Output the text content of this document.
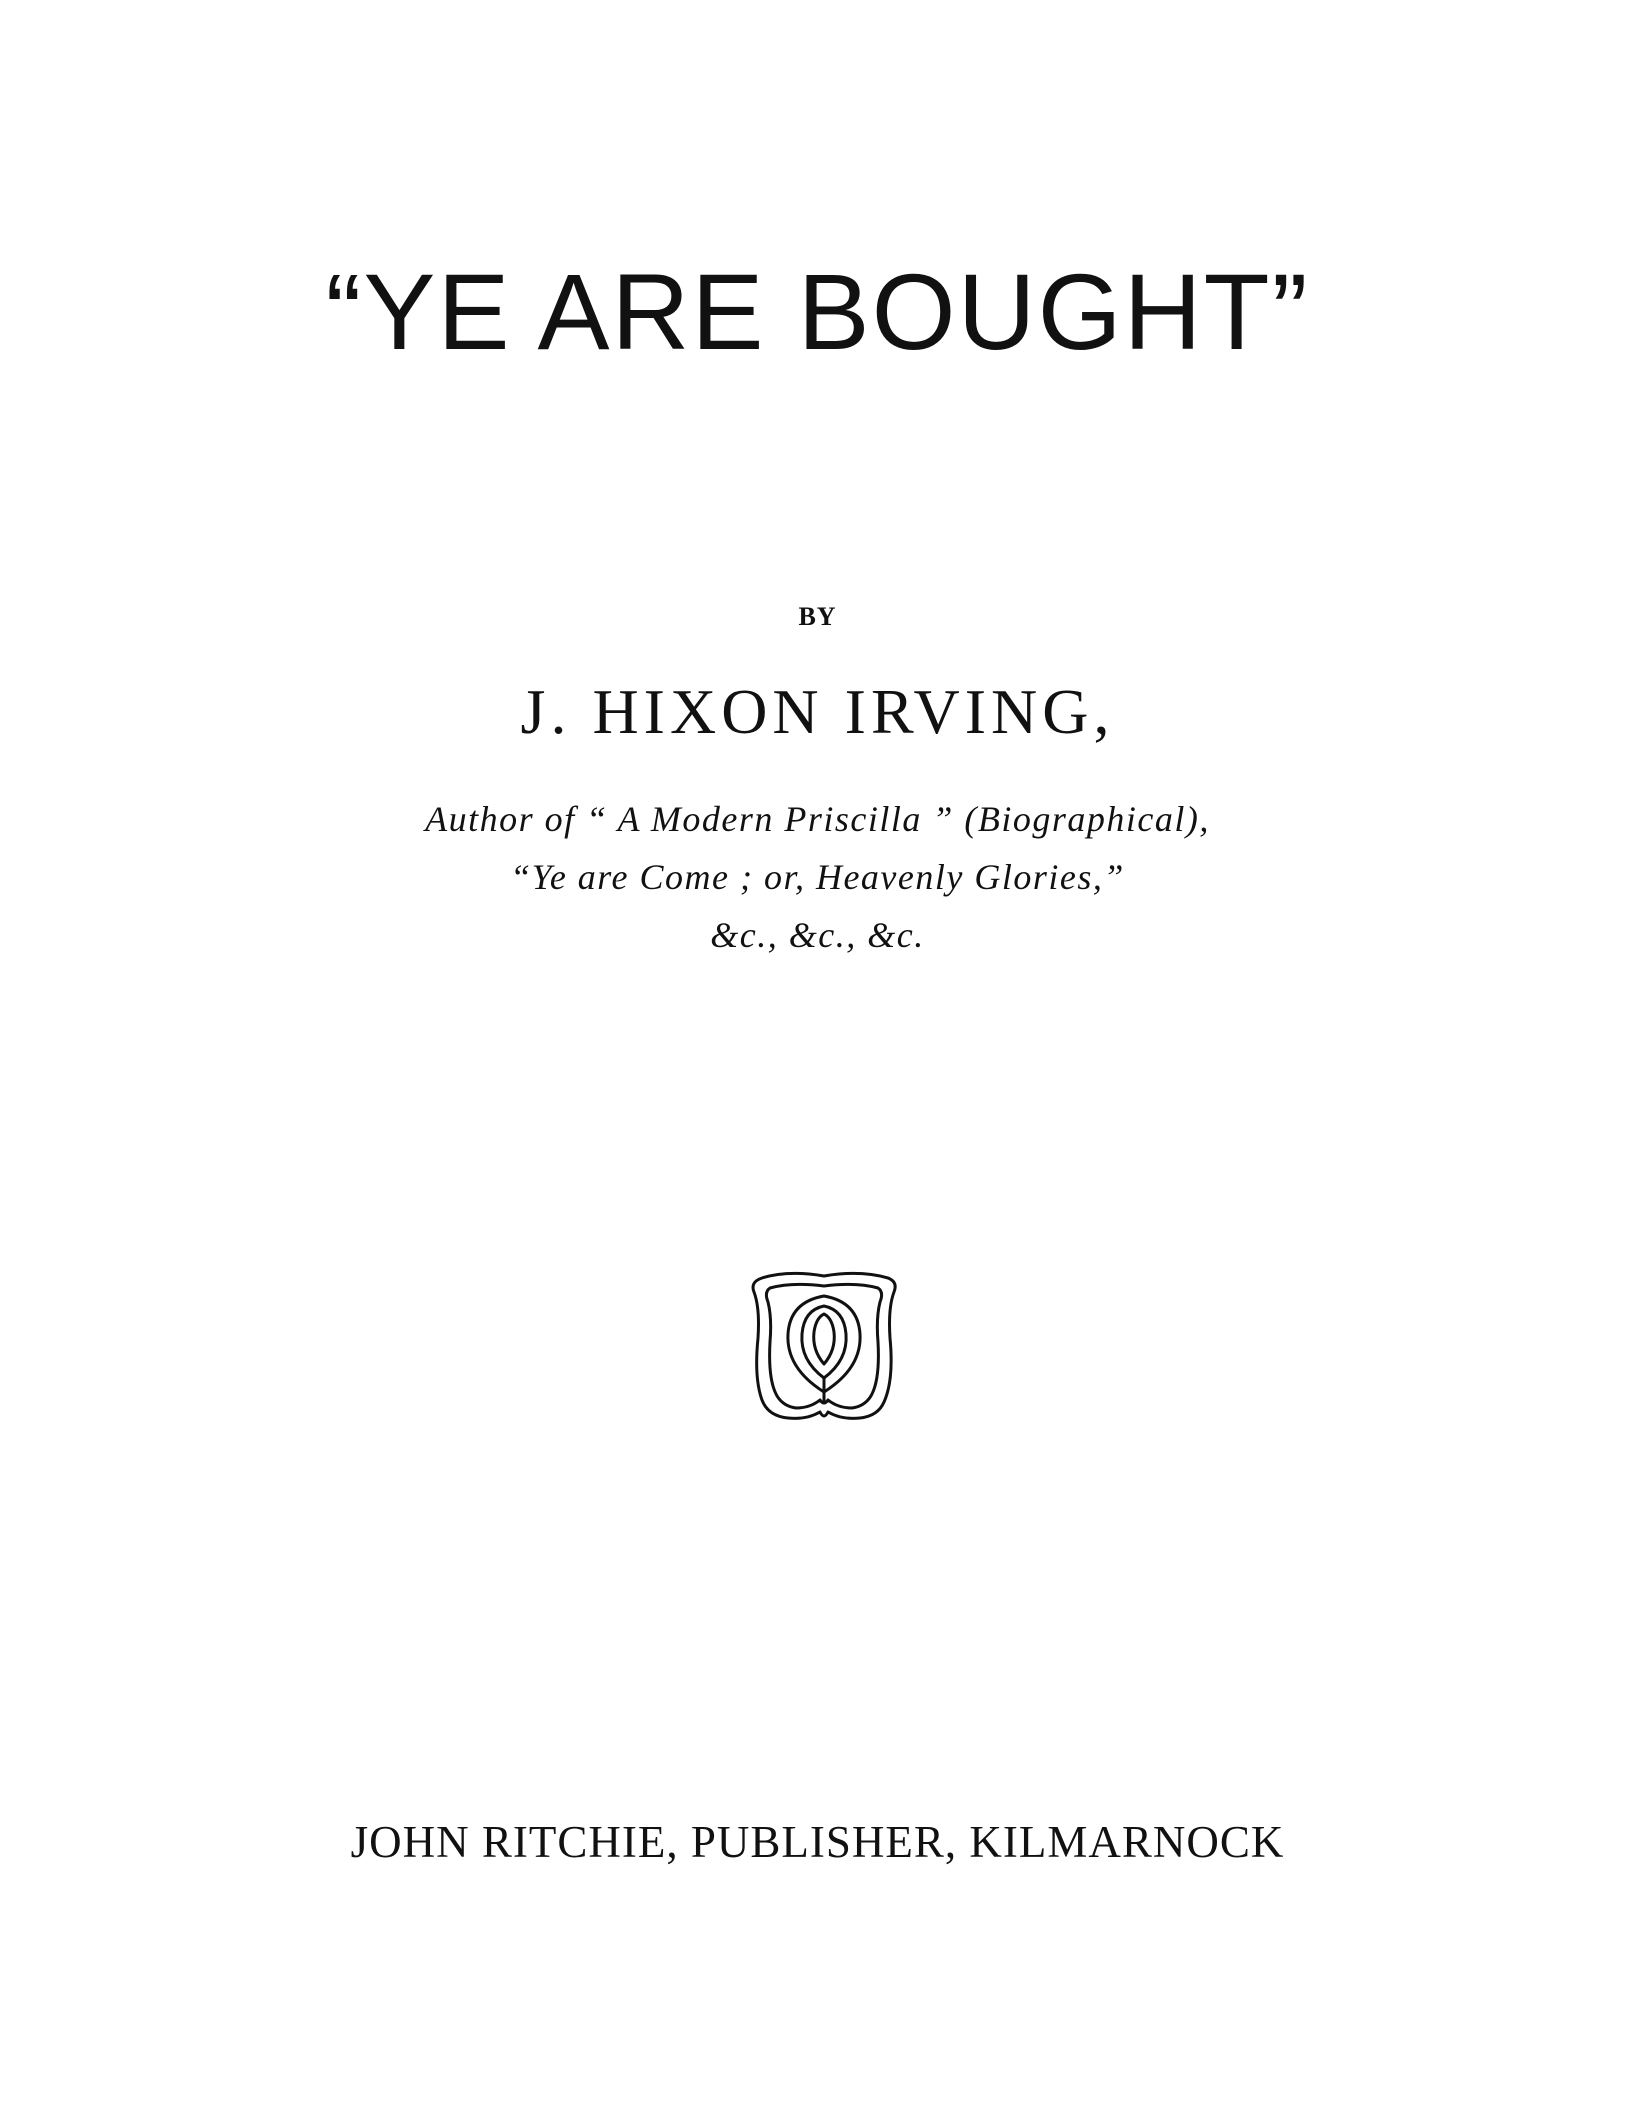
“YE ARE BOUGHT”
BY
J. HIXON IRVING,
Author of “ A Modern Priscilla ” (Biographical),
“Ye are Come ; or, Heavenly Glories,”
&c., &c., &c.
JOHN RITCHIE, PUBLISHER, KILMARNOCK
